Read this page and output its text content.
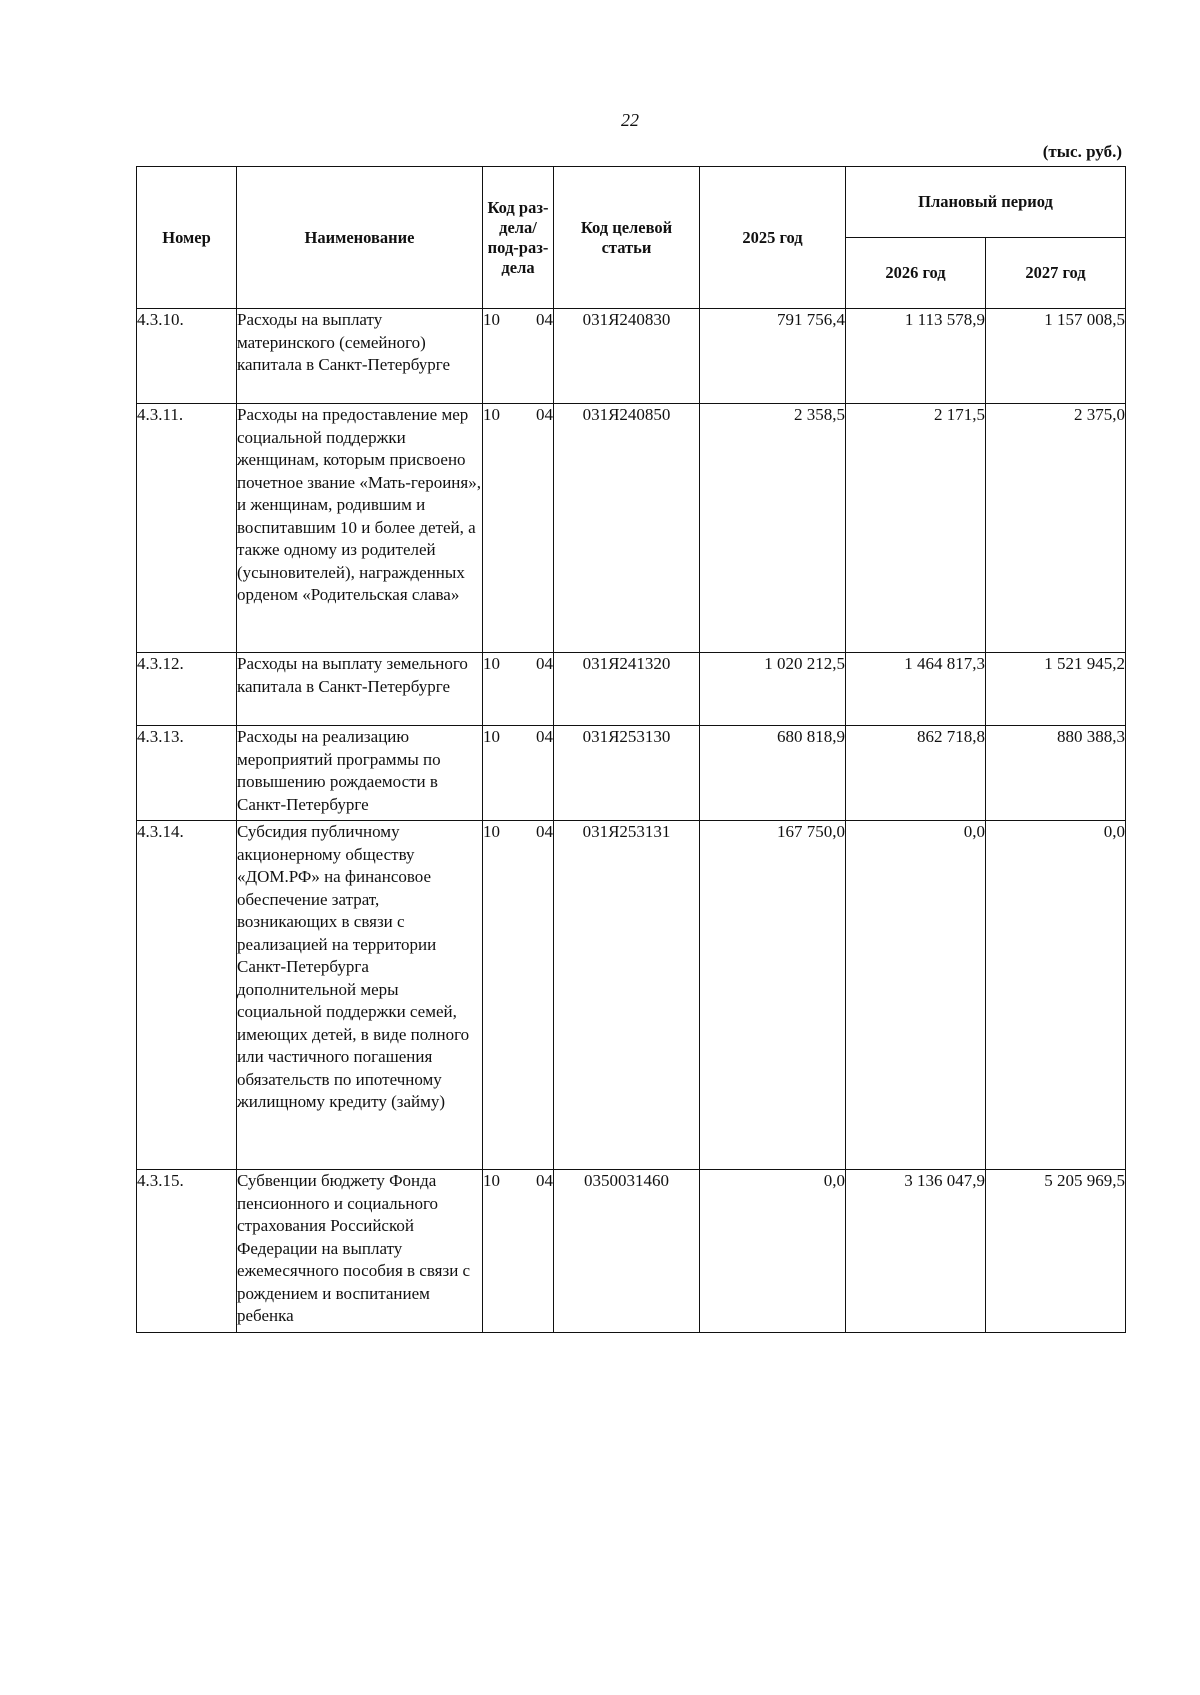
22
(тыс. руб.)
Номер	Наименование	Код раз-дела/ под-раз-дела	Код целевой статьи	2025 год	Плановый период	
					2026 год	2027 год
4.3.10.	Расходы на выплату материнского (семейного) капитала в Санкт-Петербурге	10 04	031Я240830	791 756,4	1 113 578,9	1 157 008,5
4.3.11.	Расходы на предоставление мер социальной поддержки женщинам, которым присвоено почетное звание «Мать-героиня», и женщинам, родившим и воспитавшим 10 и более детей, а также одному из родителей (усыновителей), награжденных орденом «Родительская слава»	10 04	031Я240850	2 358,5	2 171,5	2 375,0
4.3.12.	Расходы на выплату земельного капитала в Санкт-Петербурге	10 04	031Я241320	1 020 212,5	1 464 817,3	1 521 945,2
4.3.13.	Расходы на реализацию мероприятий программы по повышению рождаемости в Санкт-Петербурге	10 04	031Я253130	680 818,9	862 718,8	880 388,3
4.3.14.	Субсидия публичному акционерному обществу «ДОМ.РФ» на финансовое обеспечение затрат, возникающих в связи с реализацией на территории Санкт-Петербурга дополнительной меры социальной поддержки семей, имеющих детей, в виде полного или частичного погашения обязательств по ипотечному жилищному кредиту (займу)	10 04	031Я253131	167 750,0	0,0	0,0
4.3.15.	Субвенции бюджету Фонда пенсионного и социального страхования Российской Федерации на выплату ежемесячного пособия в связи с рождением и воспитанием ребенка	10 04	0350031460	0,0	3 136 047,9	5 205 969,5
